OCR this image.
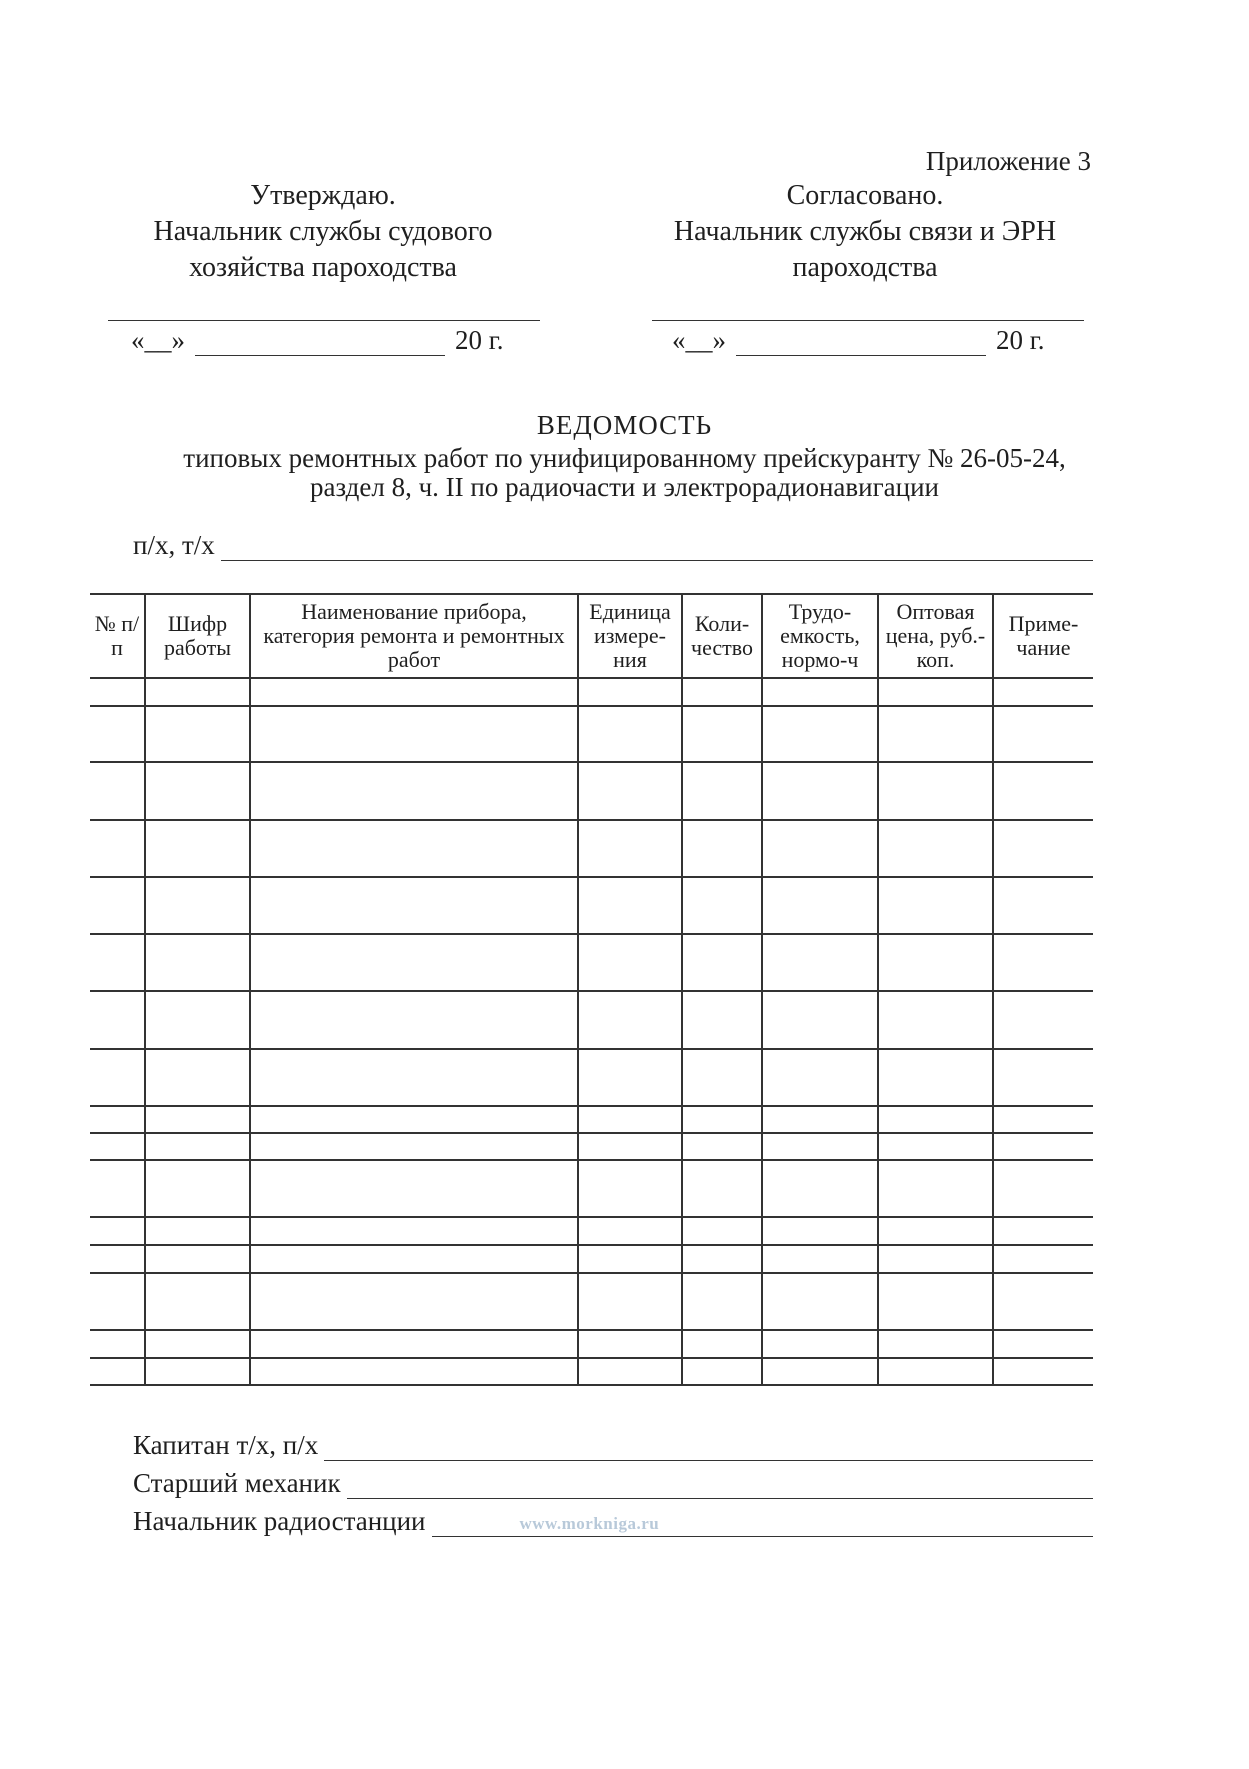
Приложение 3
Утверждаю.
Начальник службы судового
хозяйства пароходства
Согласовано.
Начальник службы связи и ЭРН
пароходства
«__»	20 г.	«__»	20 г.
ВЕДОМОСТЬ
типовых ремонтных работ по унифицированному прейскуранту № 26-05-24,
раздел 8, ч. II по радиочасти и электрорадионавигации
п/х, т/х
№ п/п	Шифр работы	Наименование прибора, категория ремонта и ремонтных работ	Единица измере-ния	Коли-чество	Трудо-емкость, нормо-ч	Оптовая цена, руб.-коп.	Приме-чание

Капитан т/х, п/х
Старший механик
Начальник радиостанции	www.morkniga.ru
